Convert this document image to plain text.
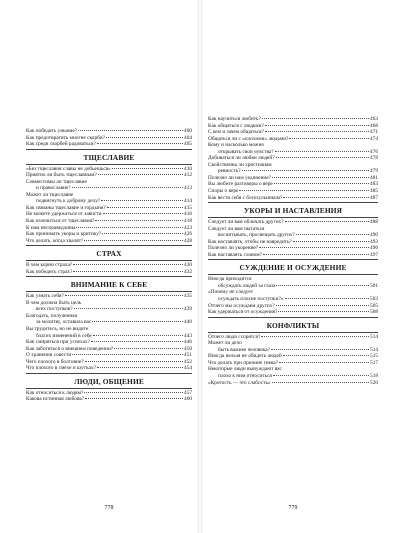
Как победить уныние?	400
Как предотвратить многие скорби?	404
Как среди скорбей радоваться?	405
ТЩЕСЛАВИЕ
«Без тщеславия славы не добьешься»	410
Приятно ли быть тщеславным?	412
Совместимы ли тщеславие
и православие?	413
Может ли тщеславие
подвигнуть к доброму делу?	414
Как связаны тщеславие и гордыня?	415
Не можете удержаться от зависти	416
Как излечиться от тщеславия?	418
К нам несправедливы	423
Как принимать укоры и критику?	426
Что делать, когда хвалят?	428
СТРАХ
В чем корни страха?	430
Как победить страх?	432
ВНИМАНИЕ К СЕБЕ
Как узнать себя?	435
В чем должна быть цель
всех поступков?	439
Благодать, полученная
за молитву, оставила вас	440
Вы трудитесь, но не видите
благих изменений в себе	443
Как смиряться при успехах?	446
Как заботиться о внешнем поведении?	450
О хранении совести	451
Чего плохого в болтовне?	452
Что плохого в смехе и шутках?	454
ЛЮДИ, ОБЩЕНИЕ
Как относиться к людям?	457
Какова истинная любовь?	460
778
Как научиться любить?	463
Как общаться с людьми?	468
С кем и зачем общаться?	471
Общаться ли с «плохими» людьми?	474
Кому и насколько можно
открывать свои чувства?	476
Добиваться ли любви людей?	478
Свойственна ли христианам
ревность?	479
Полезно ли нам уединение?	481
Вы любите разговоры о вере	483
Споры о вере	485
Как вести себя с богохульником?	487
УКОРЫ И НАСТАВЛЕНИЯ
Следует ли вам обличать других?	488
Следует ли вам пытаться
воспитывать, просвещать других?	490
Как наставлять, чтобы не навредить?	493
Полезно ли укорение?	496
Как наставлять словом?	497
СУЖДЕНИЕ И ОСУЖДЕНИЕ
Иногда приходится
обсуждать людей за глаза	501
«Почему не следует
осуждать плохие поступки?»	503
Отчего мы осуждаем других?	505
Как удержаться от осуждения?	508
КОНФЛИКТЫ
Отчего люди ссорятся?	514
Может ли дело
быть важнее человека?	514
Иногда нельзя не обидеть людей	515
Что делать при причине гнева?	517
Некоторые люди вынуждают вас
плохо к ним относиться	518
«Кротость — это слабость»	520
779
